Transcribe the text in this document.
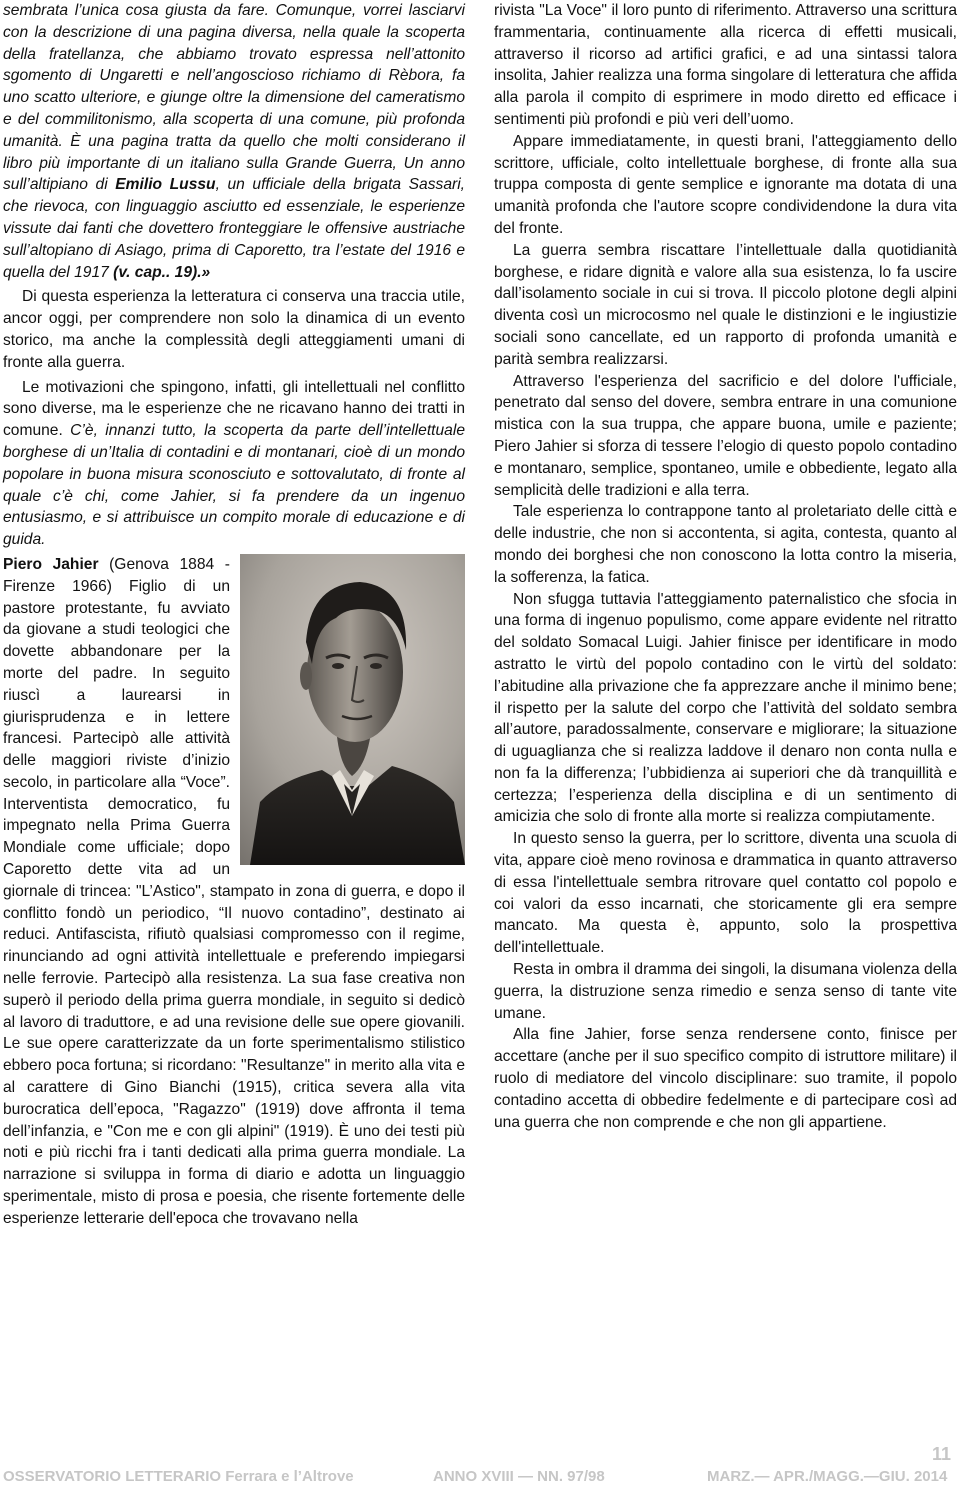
sembrata l’unica cosa giusta da fare. Comunque, vorrei lasciarvi con la descrizione di una pagina diversa, nella quale la scoperta della fratellanza, che abbiamo trovato espressa nell’attonito sgomento di Ungaretti e nell’angoscioso richiamo di Rèbora, fa uno scatto ulteriore, e giunge oltre la dimensione del cameratismo e del commilitonismo, alla scoperta di una comune, più profonda umanità. È una pagina tratta da quello che molti considerano il libro più importante di un italiano sulla Grande Guerra, Un anno sull’altipiano di Emilio Lussu, un ufficiale della brigata Sassari, che rievoca, con linguaggio asciutto ed essenziale, le esperienze vissute dai fanti che dovettero fronteggiare le offensive austriache sull’altopiano di Asiago, prima di Caporetto, tra l’estate del 1916 e quella del 1917 (v. cap.. 19).»

Di questa esperienza la letteratura ci conserva una traccia utile, ancor oggi, per comprendere non solo la dinamica di un evento storico, ma anche la complessità degli atteggiamenti umani di fronte alla guerra.

Le motivazioni che spingono, infatti, gli intellettuali nel conflitto sono diverse, ma le esperienze che ne ricavano hanno dei tratti in comune. C’è, innanzi tutto, la scoperta da parte dell’intellettuale borghese di un’Italia di contadini e di montanari, cioè di un mondo popolare in buona misura sconosciuto e sottovalutato, di fronte al quale c’è chi, come Jahier, si fa prendere da un ingenuo entusiasmo, e si attribuisce un compito morale di educazione e di guida.

Piero Jahier (Genova 1884 - Firenze 1966) Figlio di un pastore protestante, fu avviato da giovane a studi teologici che dovette abbandonare per la morte del padre. In seguito riuscì a laurearsi in giurisprudenza e in lettere francesi. Partecipò alle attività delle maggiori riviste d’inizio secolo, in particolare alla “Voce”. Interventista democratico, fu impegnato nella Prima Guerra Mondiale come ufficiale; dopo Caporetto dette vita ad un giornale di trincea: "L’Astico", stampato in zona di guerra, e dopo il conflitto fondò un periodico, “Il nuovo contadino”, destinato ai reduci. Antifascista, rifiutò qualsiasi compromesso con il regime, rinunciando ad ogni attività intellettuale e preferendo impiegarsi nelle ferrovie. Partecipò alla resistenza. La sua fase creativa non superò il periodo della prima guerra mondiale, in seguito si dedicò al lavoro di traduttore, e ad una revisione delle sue opere giovanili. Le sue opere caratterizzate da un forte sperimentalismo stilistico ebbero poca fortuna; si ricordano: "Resultanze" in merito alla vita e al carattere di Gino Bianchi (1915), critica severa alla vita burocratica dell’epoca, "Ragazzo" (1919) dove affronta il tema dell’infanzia, e "Con me e con gli alpini" (1919). È uno dei testi più noti e più ricchi fra i tanti dedicati alla prima guerra mondiale. La narrazione si sviluppa in forma di diario e adotta un linguaggio sperimentale, misto di prosa e poesia, che risente fortemente delle esperienze letterarie dell'epoca che trovavano nella

rivista "La Voce" il loro punto di riferimento. Attraverso una scrittura frammentaria, continuamente alla ricerca di effetti musicali, attraverso il ricorso ad artifici grafici, e ad una sintassi talora insolita, Jahier realizza una forma singolare di letteratura che affida alla parola il compito di esprimere in modo diretto ed efficace i sentimenti più profondi e più veri dell’uomo.

Appare immediatamente, in questi brani, l'atteggiamento dello scrittore, ufficiale, colto intellettuale borghese, di fronte alla sua truppa composta di gente semplice e ignorante ma dotata di una umanità profonda che l'autore scopre condividendone la dura vita del fronte.

La guerra sembra riscattare l’intellettuale dalla quotidianità borghese, e ridare dignità e valore alla sua esistenza, lo fa uscire dall’isolamento sociale in cui si trova. Il piccolo plotone degli alpini diventa così un microcosmo nel quale le distinzioni e le ingiustizie sociali sono cancellate, ed un rapporto di profonda umanità e parità sembra realizzarsi.

Attraverso l'esperienza del sacrificio e del dolore l'ufficiale, penetrato dal senso del dovere, sembra entrare in una comunione mistica con la sua truppa, che appare buona, umile e paziente; Piero Jahier si sforza di tessere l’elogio di questo popolo contadino e montanaro, semplice, spontaneo, umile e obbediente, legato alla semplicità delle tradizioni e alla terra.

Tale esperienza lo contrappone tanto al proletariato delle città e delle industrie, che non si accontenta, si agita, contesta, quanto al mondo dei borghesi che non conoscono la lotta contro la miseria, la sofferenza, la fatica.

Non sfugga tuttavia l'atteggiamento paternalistico che sfocia in una forma di ingenuo populismo, come appare evidente nel ritratto del soldato Somacal Luigi. Jahier finisce per identificare in modo astratto le virtù del popolo contadino con le virtù del soldato: l’abitudine alla privazione che fa apprezzare anche il minimo bene; il rispetto per la salute del corpo che l’attività del soldato sembra all’autore, paradossalmente, conservare e migliorare; la situazione di uguaglianza che si realizza laddove il denaro non conta nulla e non fa la differenza; l’ubbidienza ai superiori che dà tranquillità e certezza; l’esperienza della disciplina e di un sentimento di amicizia che solo di fronte alla morte si realizza compiutamente.

In questo senso la guerra, per lo scrittore, diventa una scuola di vita, appare cioè meno rovinosa e drammatica in quanto attraverso di essa l'intellettuale sembra ritrovare quel contatto col popolo e coi valori da esso incarnati, che storicamente gli era sempre mancato. Ma questa è, appunto, solo la prospettiva dell'intellettuale.

Resta in ombra il dramma dei singoli, la disumana violenza della guerra, la distruzione senza rimedio e senza senso di tante vite umane.

Alla fine Jahier, forse senza rendersene conto, finisce per accettare (anche per il suo specifico compito di istruttore militare) il ruolo di mediatore del vincolo disciplinare: suo tramite, il popolo contadino accetta di obbedire fedelmente e di partecipare così ad una guerra che non comprende e che non gli appartiene.

11
OSSERVATORIO LETTERARIO Ferrara e l’Altrove	ANNO XVIII — NN. 97/98	MARZ.— APR./MAGG.—GIU. 2014
